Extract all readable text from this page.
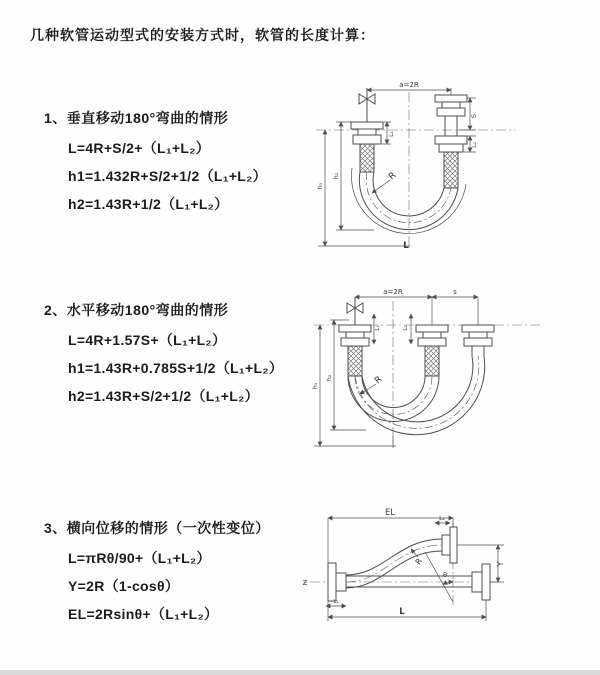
几种软管运动型式的安装方式时，软管的长度计算：
1、垂直移动180°弯曲的情形
L=4R+S/2+（L₁+L₂）
h1=1.432R+S/2+1/2（L₁+L₂）
h2=1.43R+1/2（L₁+L₂）
a=2R
S
L₂
L₁
h₁
h₂	R
L
2、水平移动180°弯曲的情形
L=4R+1.57S+（L₁+L₂）
h1=1.43R+0.785S+1/2（L₁+L₂）
h2=1.43R+S/2+1/2（L₁+L₂）
a=2R	s
L₁	L₂
h₁
h₂	R
3、横向位移的情形（一次性变位）
L=πRθ/90+（L₁+L₂）
Y=2R（1-cosθ）
EL=2Rsinθ+（L₁+L₂）
EL
L₂
Y
L
L₁
R
θ
Ƶ
